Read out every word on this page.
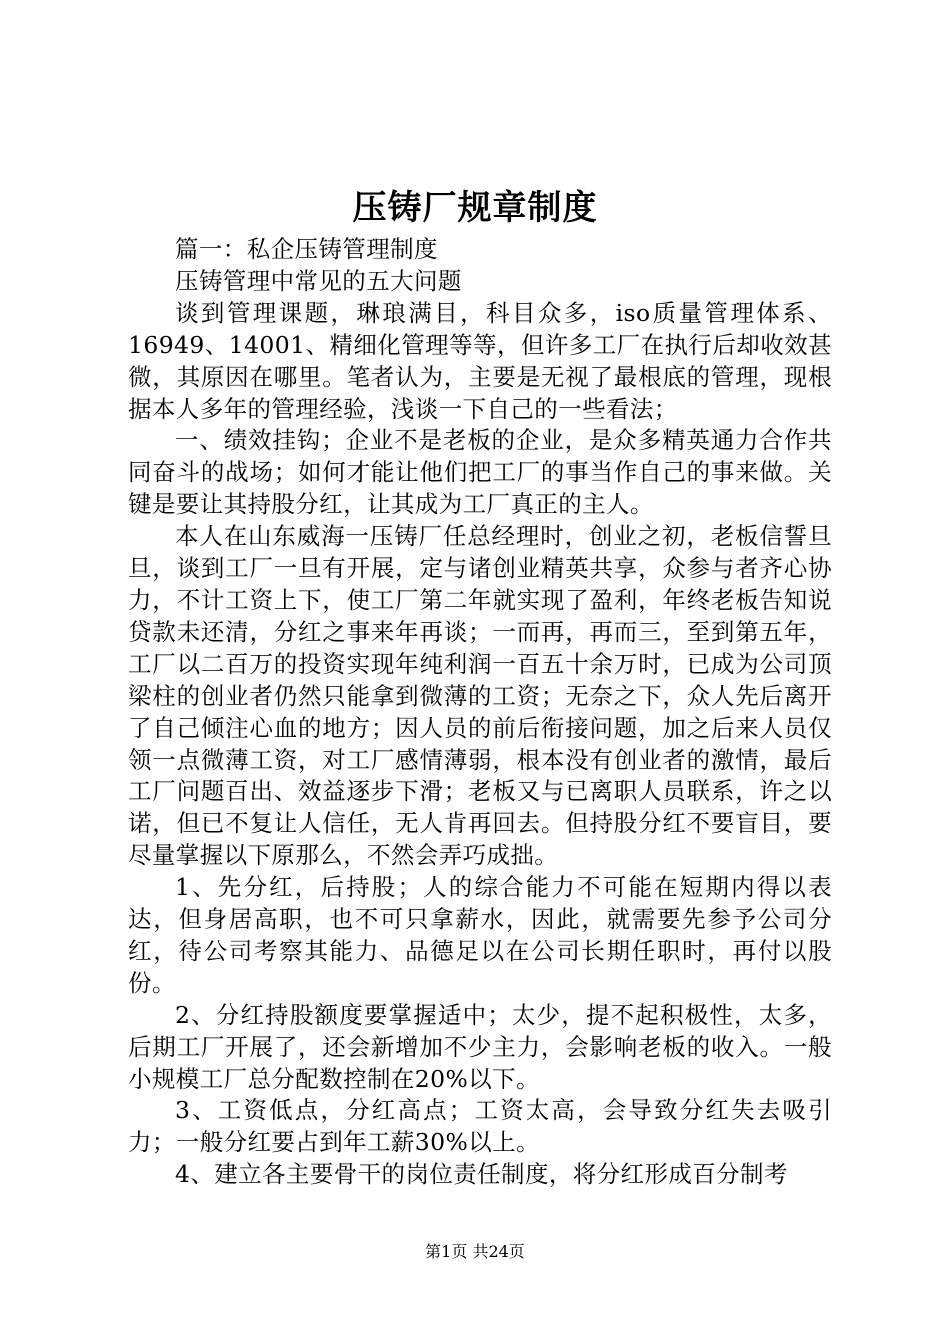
压铸厂规章制度

篇一：私企压铸管理制度

压铸管理中常见的五大问题

谈到管理课题，琳琅满目，科目众多，iso质量管理体系、16949、14001、精细化管理等等，但许多工厂在执行后却收效甚微，其原因在哪里。笔者认为，主要是无视了最根底的管理，现根据本人多年的管理经验，浅谈一下自己的一些看法；

一、绩效挂钩；企业不是老板的企业，是众多精英通力合作共同奋斗的战场；如何才能让他们把工厂的事当作自己的事来做。关键是要让其持股分红，让其成为工厂真正的主人。

本人在山东威海一压铸厂任总经理时，创业之初，老板信誓旦旦，谈到工厂一旦有开展，定与诸创业精英共享，众参与者齐心协力，不计工资上下，使工厂第二年就实现了盈利，年终老板告知说贷款未还清，分红之事来年再谈；一而再，再而三，至到第五年，工厂以二百万的投资实现年纯利润一百五十余万时，已成为公司顶梁柱的创业者仍然只能拿到微薄的工资；无奈之下，众人先后离开了自己倾注心血的地方；因人员的前后衔接问题，加之后来人员仅领一点微薄工资，对工厂感情薄弱，根本没有创业者的激情，最后工厂问题百出、效益逐步下滑；老板又与已离职人员联系，许之以诺，但已不复让人信任，无人肯再回去。但持股分红不要盲目，要尽量掌握以下原那么，不然会弄巧成拙。

1、先分红，后持股；人的综合能力不可能在短期内得以表达，但身居高职，也不可只拿薪水，因此，就需要先参予公司分红，待公司考察其能力、品德足以在公司长期任职时，再付以股份。

2、分红持股额度要掌握适中；太少，提不起积极性，太多，后期工厂开展了，还会新增加不少主力，会影响老板的收入。一般小规模工厂总分配数控制在20%以下。

3、工资低点，分红高点；工资太高，会导致分红失去吸引力；一般分红要占到年工薪30%以上。

4、建立各主要骨干的岗位责任制度，将分红形成百分制考

第1页 共24页
